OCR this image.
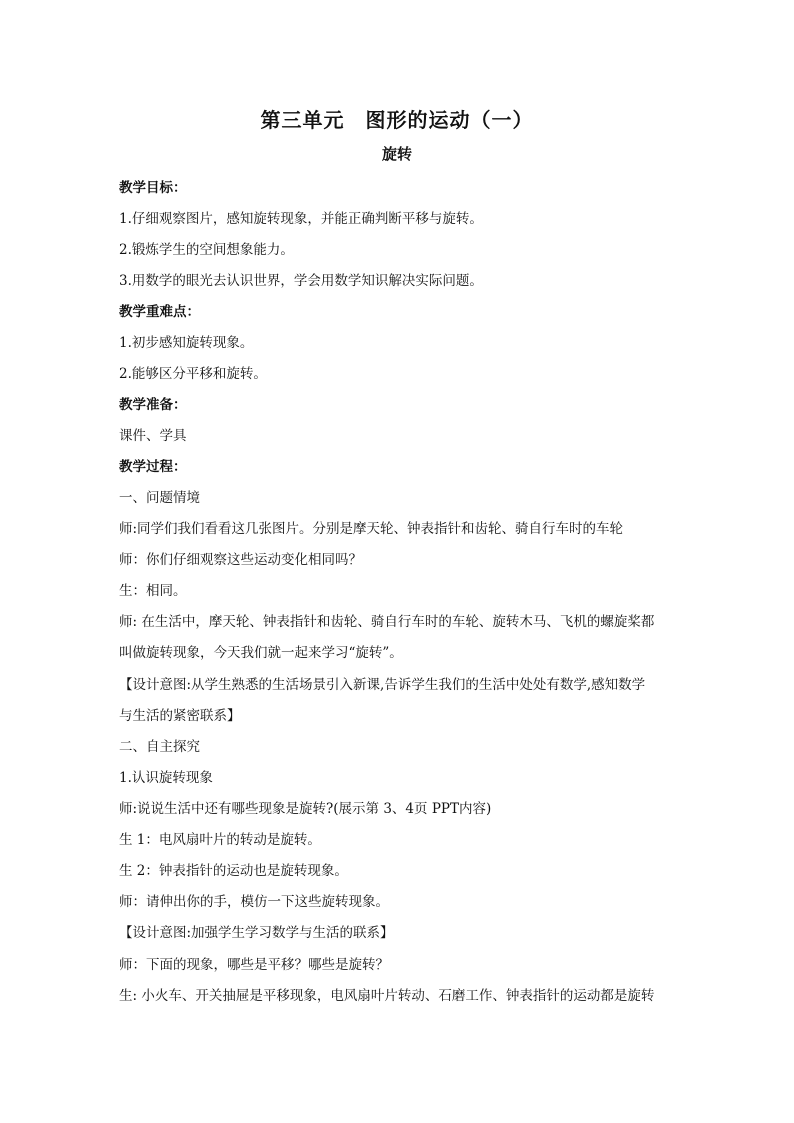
第三单元　图形的运动（一）
旋转
教学目标：
1.仔细观察图片，感知旋转现象，并能正确判断平移与旋转。
2.锻炼学生的空间想象能力。
3.用数学的眼光去认识世界，学会用数学知识解决实际问题。
教学重难点：
1.初步感知旋转现象。
2.能够区分平移和旋转。
教学准备：
课件、学具
教学过程：
一、问题情境
师:同学们我们看看这几张图片。分别是摩天轮、钟表指针和齿轮、骑自行车时的车轮
师：你们仔细观察这些运动变化相同吗？
生：相同。
师: 在生活中，摩天轮、钟表指针和齿轮、骑自行车时的车轮、旋转木马、飞机的螺旋桨都
叫做旋转现象，今天我们就一起来学习“旋转”。
【设计意图:从学生熟悉的生活场景引入新课,告诉学生我们的生活中处处有数学,感知数学
与生活的紧密联系】
二、自主探究
1.认识旋转现象
师:说说生活中还有哪些现象是旋转?(展示第 3、4页 PPT内容)
生 1：电风扇叶片的转动是旋转。
生 2：钟表指针的运动也是旋转现象。
师：请伸出你的手，模仿一下这些旋转现象。
【设计意图:加强学生学习数学与生活的联系】
师：下面的现象，哪些是平移？哪些是旋转？
生: 小火车、开关抽屉是平移现象，电风扇叶片转动、石磨工作、钟表指针的运动都是旋转
